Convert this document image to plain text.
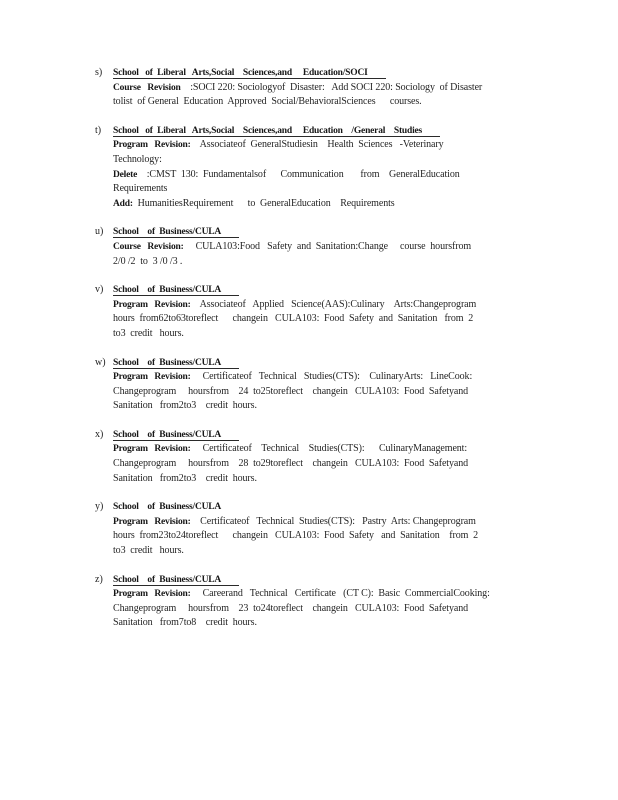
s)	School   of  Liberal   Arts,Social    Sciences,and     Education/SOCI
Course   Revision    :SOCI 220: Sociologyof  Disaster:   Add SOCI 220: Sociology  of Disaster
tolist  of General  Education  Approved  Social/BehavioralSciences      courses.
t)	School   of  Liberal   Arts,Social    Sciences,and     Education    /General    Studies
Program   Revision:    Associateof  GeneralStudiesin    Health  Sciences   -Veterinary
Technology:
Delete    :CMST  130:  Fundamentalsof      Communication       from    GeneralEducation
Requirements
Add:  HumanitiesRequirement      to  GeneralEducation    Requirements
u)	School    of  Business/CULA
Course   Revision:     CULA103:Food   Safety  and  Sanitation:Change     course  hoursfrom
2/0 /2  to  3 /0 /3 .
v)	School    of  Business/CULA
Program   Revision:    Associateof   Applied   Science(AAS):Culinary    Arts:Changeprogram
hours  from62to63toreflect      changein   CULA103:  Food  Safety  and  Sanitation   from  2
to3  credit   hours.
w) School    of  Business/CULA
Program   Revision:     Certificateof   Technical   Studies(CTS):    CulinaryArts:   LineCook:
Changeprogram     hoursfrom    24  to25toreflect    changein   CULA103:  Food  Safetyand
Sanitation   from2to3    credit  hours.
x)	School    of  Business/CULA
Program   Revision:     Certificateof    Technical    Studies(CTS):      CulinaryManagement:
Changeprogram     hoursfrom    28  to29toreflect    changein   CULA103:  Food  Safetyand
Sanitation   from2to3    credit  hours.
y)	School    of  Business/CULA
Program   Revision:    Certificateof   Technical  Studies(CTS):   Pastry  Arts: Changeprogram
hours  from23to24toreflect      changein   CULA103:  Food  Safety   and  Sanitation    from  2
to3  credit   hours.
z)	School    of  Business/CULA
Program   Revision:     Careerand   Technical   Certificate   (CT C):  Basic  CommercialCooking:
Changeprogram     hoursfrom    23  to24toreflect    changein   CULA103:  Food  Safetyand
Sanitation   from7to8    credit  hours.
